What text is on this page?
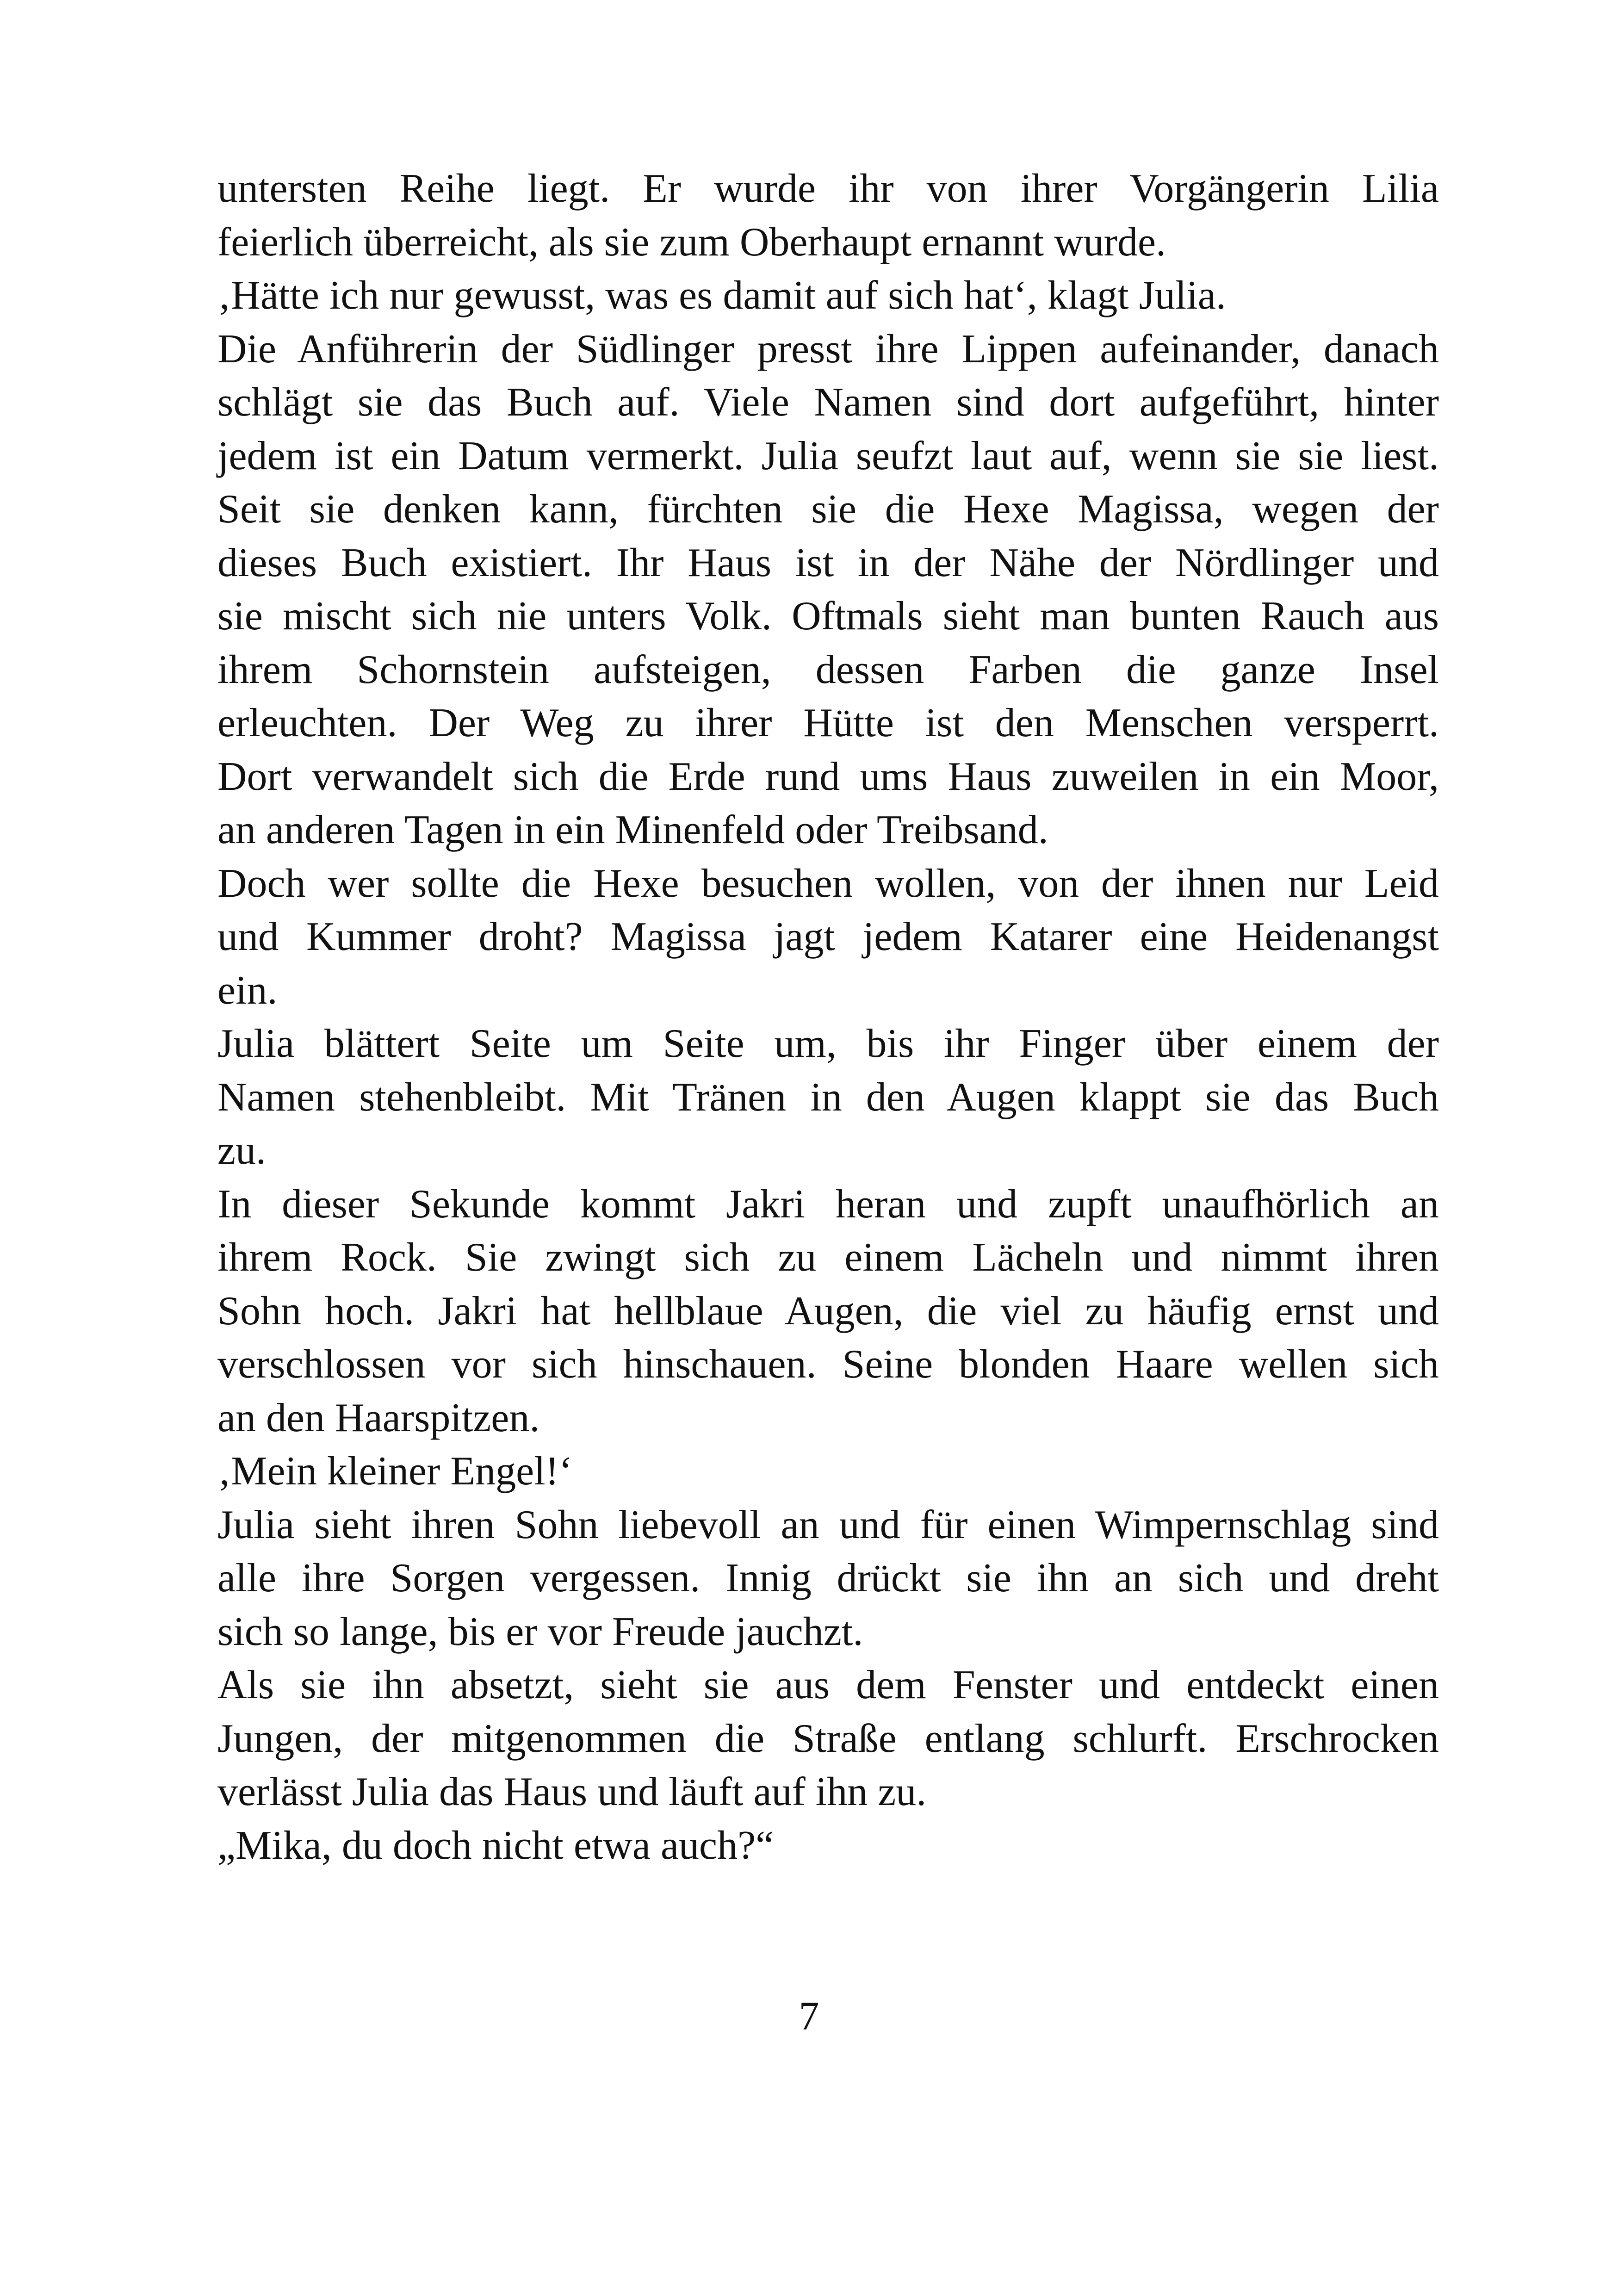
untersten Reihe liegt. Er wurde ihr von ihrer Vorgängerin Lilia
feierlich überreicht, als sie zum Oberhaupt ernannt wurde.
‚Hätte ich nur gewusst, was es damit auf sich hat‘, klagt Julia.
Die Anführerin der Südlinger presst ihre Lippen aufeinander, danach
schlägt sie das Buch auf. Viele Namen sind dort aufgeführt, hinter
jedem ist ein Datum vermerkt. Julia seufzt laut auf, wenn sie sie liest.
Seit sie denken kann, fürchten sie die Hexe Magissa, wegen der
dieses Buch existiert. Ihr Haus ist in der Nähe der Nördlinger und
sie mischt sich nie unters Volk. Oftmals sieht man bunten Rauch aus
ihrem Schornstein aufsteigen, dessen Farben die ganze Insel
erleuchten. Der Weg zu ihrer Hütte ist den Menschen versperrt.
Dort verwandelt sich die Erde rund ums Haus zuweilen in ein Moor,
an anderen Tagen in ein Minenfeld oder Treibsand.
Doch wer sollte die Hexe besuchen wollen, von der ihnen nur Leid
und Kummer droht? Magissa jagt jedem Katarer eine Heidenangst
ein.
Julia blättert Seite um Seite um, bis ihr Finger über einem der
Namen stehenbleibt. Mit Tränen in den Augen klappt sie das Buch
zu.
In dieser Sekunde kommt Jakri heran und zupft unaufhörlich an
ihrem Rock. Sie zwingt sich zu einem Lächeln und nimmt ihren
Sohn hoch. Jakri hat hellblaue Augen, die viel zu häufig ernst und
verschlossen vor sich hinschauen. Seine blonden Haare wellen sich
an den Haarspitzen.
‚Mein kleiner Engel!‘
Julia sieht ihren Sohn liebevoll an und für einen Wimpernschlag sind
alle ihre Sorgen vergessen. Innig drückt sie ihn an sich und dreht
sich so lange, bis er vor Freude jauchzt.
Als sie ihn absetzt, sieht sie aus dem Fenster und entdeckt einen
Jungen, der mitgenommen die Straße entlang schlurft. Erschrocken
verlässt Julia das Haus und läuft auf ihn zu.
„Mika, du doch nicht etwa auch?“
7
